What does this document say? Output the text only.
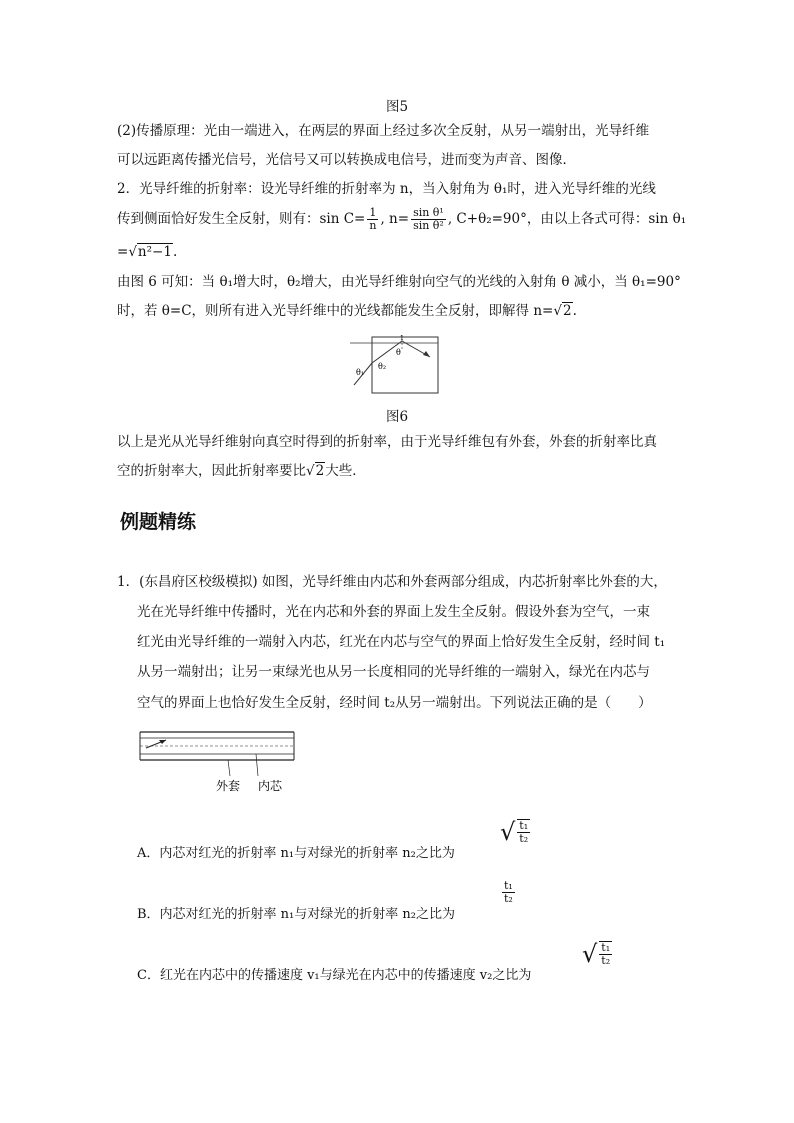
图5
(2)传播原理：光由一端进入，在两层的界面上经过多次全反射，从另一端射出，光导纤维
可以远距离传播光信号，光信号又可以转换成电信号，进而变为声音、图像．
2．光导纤维的折射率：设光导纤维的折射率为 n，当入射角为 θ₁时，进入光导纤维的光线
传到侧面恰好发生全反射，则有：$\sin C= \frac{1}{n}$ , $n= \frac{\text{sin θ¹}}{\text{sin θ²}}$ , C+θ₂=90°，由以上各式可得：sin θ₁
=√n²−1.
由图 6 可知：当 θ₁增大时，θ₂增大，由光导纤维射向空气的光线的入射角 θ 减小，当 θ₁=90°
时，若 θ=C，则所有进入光导纤维中的光线都能发生全反射，即解得 n=√2.
θ₁
θ₂
θ
1
图6
以上是光从光导纤维射向真空时得到的折射率，由于光导纤维包有外套，外套的折射率比真
空的折射率大，因此折射率要比√2大些．
例题精练
1．(东昌府区校级模拟) 如图，光导纤维由内芯和外套两部分组成，内芯折射率比外套的大，
光在光导纤维中传播时，光在内芯和外套的界面上发生全反射。假设外套为空气，一束
红光由光导纤维的一端射入内芯，红光在内芯与空气的界面上恰好发生全反射，经时间 t₁
从另一端射出；让另一束绿光也从另一长度相同的光导纤维的一端射入，绿光在内芯与
空气的界面上也恰好发生全反射，经时间 t₂从另一端射出。下列说法正确的是（　　）
外套 内芯
A．内芯对红光的折射率 n₁与对绿光的折射率 n₂之比为
√ $\frac{\text{t₁}}{\text{t₂}}$
B．内芯对红光的折射率 n₁与对绿光的折射率 n₂之比为
$\frac{\text{t₁}}{\text{t₂}}$
C．红光在内芯中的传播速度 v₁与绿光在内芯中的传播速度 v₂之比为
√ $\frac{\text{t₁}}{\text{t₂}}$
